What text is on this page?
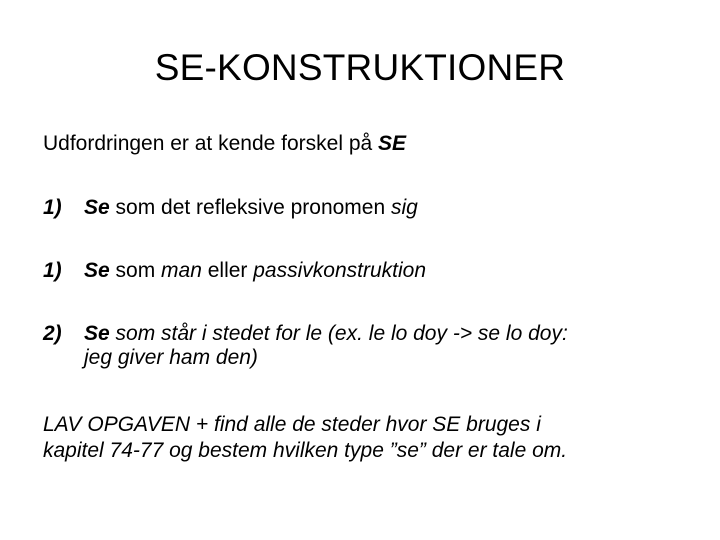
SE-KONSTRUKTIONER
Udfordringen er at kende forskel på SE
1)	Se som det refleksive pronomen sig
1)	Se som man eller passivkonstruktion
2)	Se som står i stedet for le (ex. le lo doy -> se lo doy:
jeg giver ham den)
LAV OPGAVEN + find alle de steder hvor SE bruges i
kapitel 74-77 og bestem hvilken type ”se” der er tale om.
